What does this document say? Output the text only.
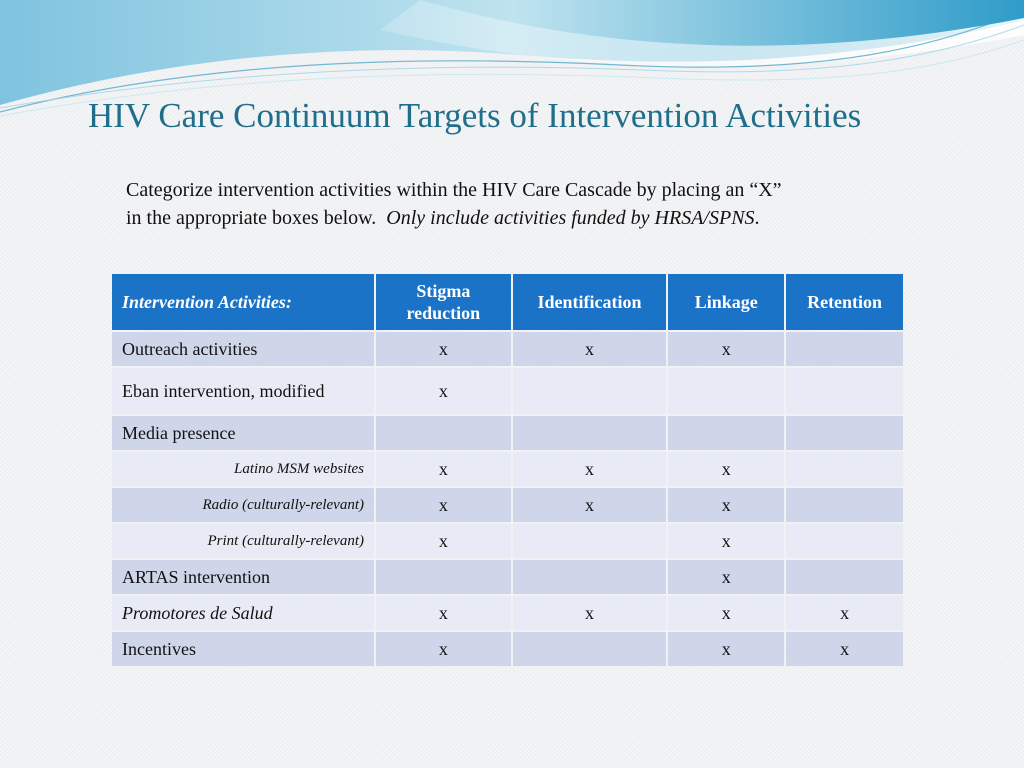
HIV Care Continuum Targets of Intervention Activities
Categorize intervention activities within the HIV Care Cascade by placing an “X”
in the appropriate boxes below. Only include activities funded by HRSA/SPNS.
Intervention Activities:	Stigma reduction	Identification	Linkage	Retention
Outreach activities	x	x	x	
Eban intervention, modified	x			
Media presence				
Latino MSM websites	x	x	x	
Radio (culturally-relevant)	x	x	x	
Print (culturally-relevant)	x		x	
ARTAS intervention			x	
Promotores de Salud	x	x	x	x
Incentives	x		x	x
